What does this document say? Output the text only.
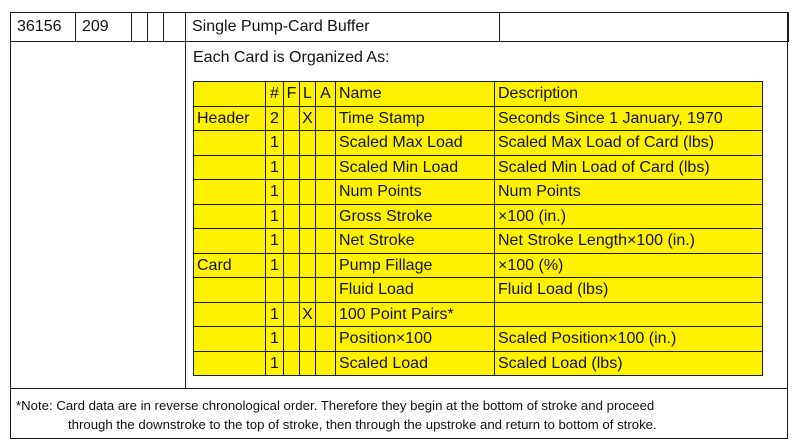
36156	209				Single Pump-Card Buffer	
Each Card is Organized As:
	#	F	L	A	Name	Description
Header	2		X		Time Stamp	Seconds Since 1 January, 1970
	1				Scaled Max Load	Scaled Max Load of Card (lbs)
	1				Scaled Min Load	Scaled Min Load of Card (lbs)
	1				Num Points	Num Points
	1				Gross Stroke	×100 (in.)
	1				Net Stroke	Net Stroke Length×100 (in.)
Card	1				Pump Fillage	×100 (%)
					Fluid Load	Fluid Load (lbs)
	1		X		100 Point Pairs*	
	1				Position×100	Scaled Position×100 (in.)
	1				Scaled Load	Scaled Load (lbs)
*Note: Card data are in reverse chronological order. Therefore they begin at the bottom of stroke and proceed
through the downstroke to the top of stroke, then through the upstroke and return to bottom of stroke.
